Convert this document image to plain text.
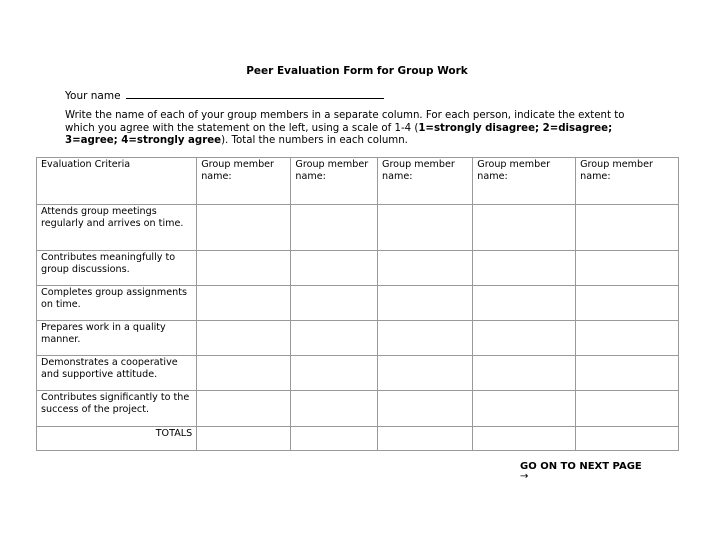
Peer Evaluation Form for Group Work
Your name
Write the name of each of your group members in a separate column. For each person, indicate the extent to which you agree with the statement on the left, using a scale of 1-4 (1=strongly disagree; 2=disagree; 3=agree; 4=strongly agree). Total the numbers in each column.
Evaluation Criteria	Group member name:	Group member name:	Group member name:	Group member name:	Group member name:
Attends group meetings regularly and arrives on time.					
Contributes meaningfully to group discussions.					
Completes group assignments on time.					
Prepares work in a quality manner.					
Demonstrates a cooperative and supportive attitude.					
Contributes significantly to the success of the project.					
TOTALS					
GO ON TO NEXT PAGE
→
